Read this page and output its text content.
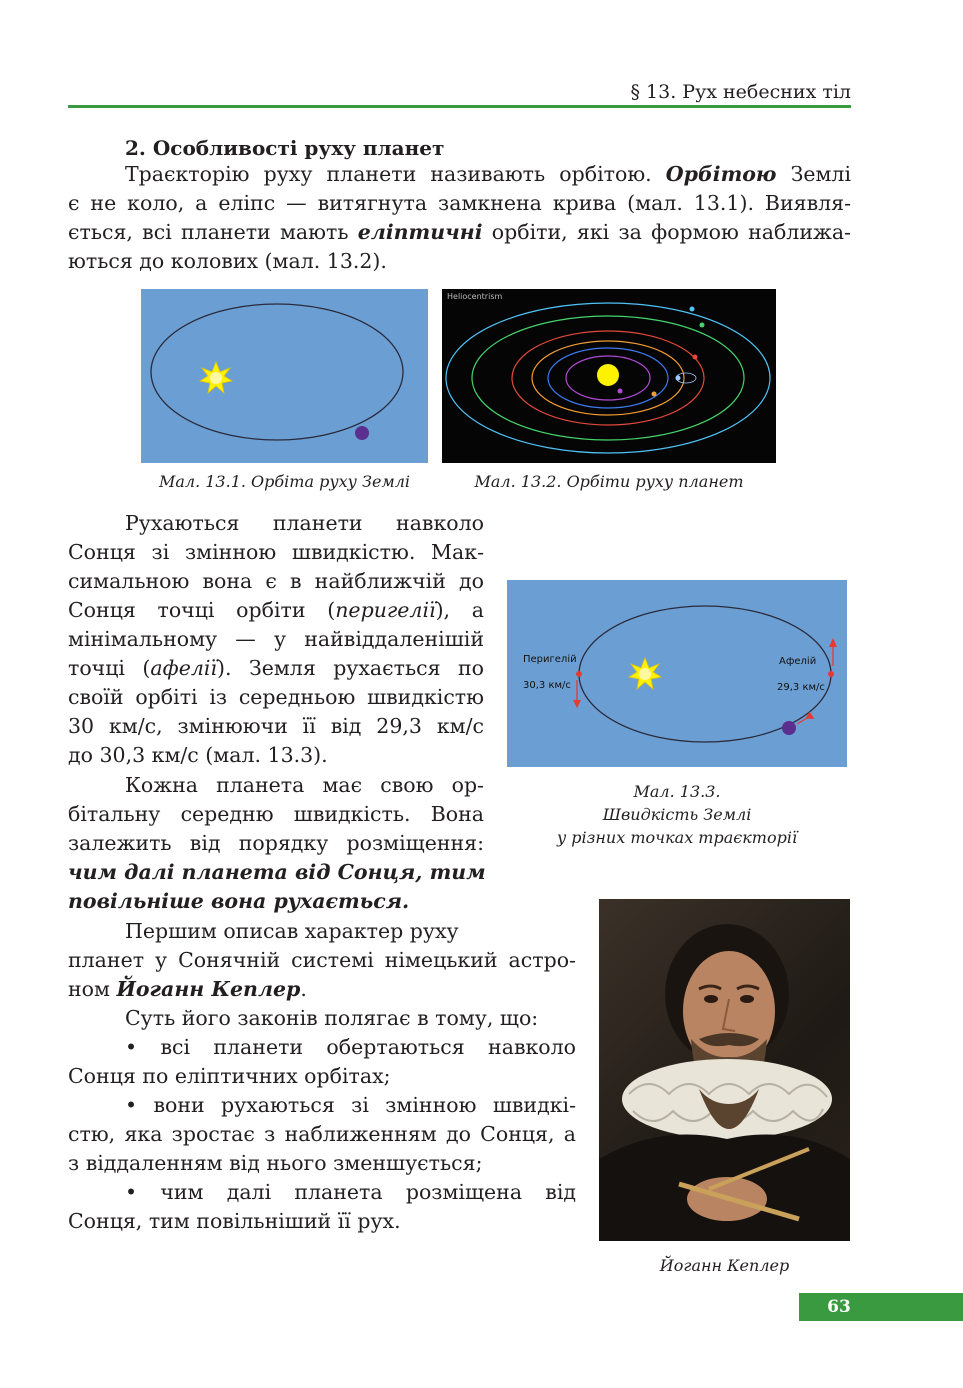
§ 13. Рух небесних тіл
2. Особливості руху планет
Траєкторію руху планети називають орбітою. Орбітою Землі
є не коло, а еліпс — витягнута замкнена крива (мал. 13.1). Виявля-
ється, всі планети мають еліптичні орбіти, які за формою наближа-
ються до колових (мал. 13.2).
Мал. 13.1. Орбіта руху Землі
Heliocentrism
Мал. 13.2. Орбіти руху планет
Рухаються планети навколо
Сонця зі змінною швидкістю. Мак-
симальною вона є в найближчій до
Сонця точці орбіти (перигелії), а
мінімальному — у найвіддаленішій
точці (афелії). Земля рухається по
своїй орбіті із середньою швидкістю
30 км/с, змінюючи її від 29,3 км/с
до 30,3 км/с (мал. 13.3).
Перигелій
30,3 км/с
Афелій
29,3 км/с
Мал. 13.3.
Швидкість Землі
у різних точках траєкторії
Кожна планета має свою ор-
бітальну середню швидкість. Вона
залежить від порядку розміщення:
чим далі планета від Сонця, тим
повільніше вона рухається.
Першим описав характер руху
планет у Сонячній системі німецький астро-
ном Йоганн Кеплер.
Суть його законів полягає в тому, що:
• всі планети обертаються навколо
Сонця по еліптичних орбітах;
• вони рухаються зі змінною швидкі-
стю, яка зростає з наближенням до Сонця, а
з віддаленням від нього зменшується;
• чим далі планета розміщена від
Сонця, тим повільніший її рух.
Йоганн Кеплер
63
